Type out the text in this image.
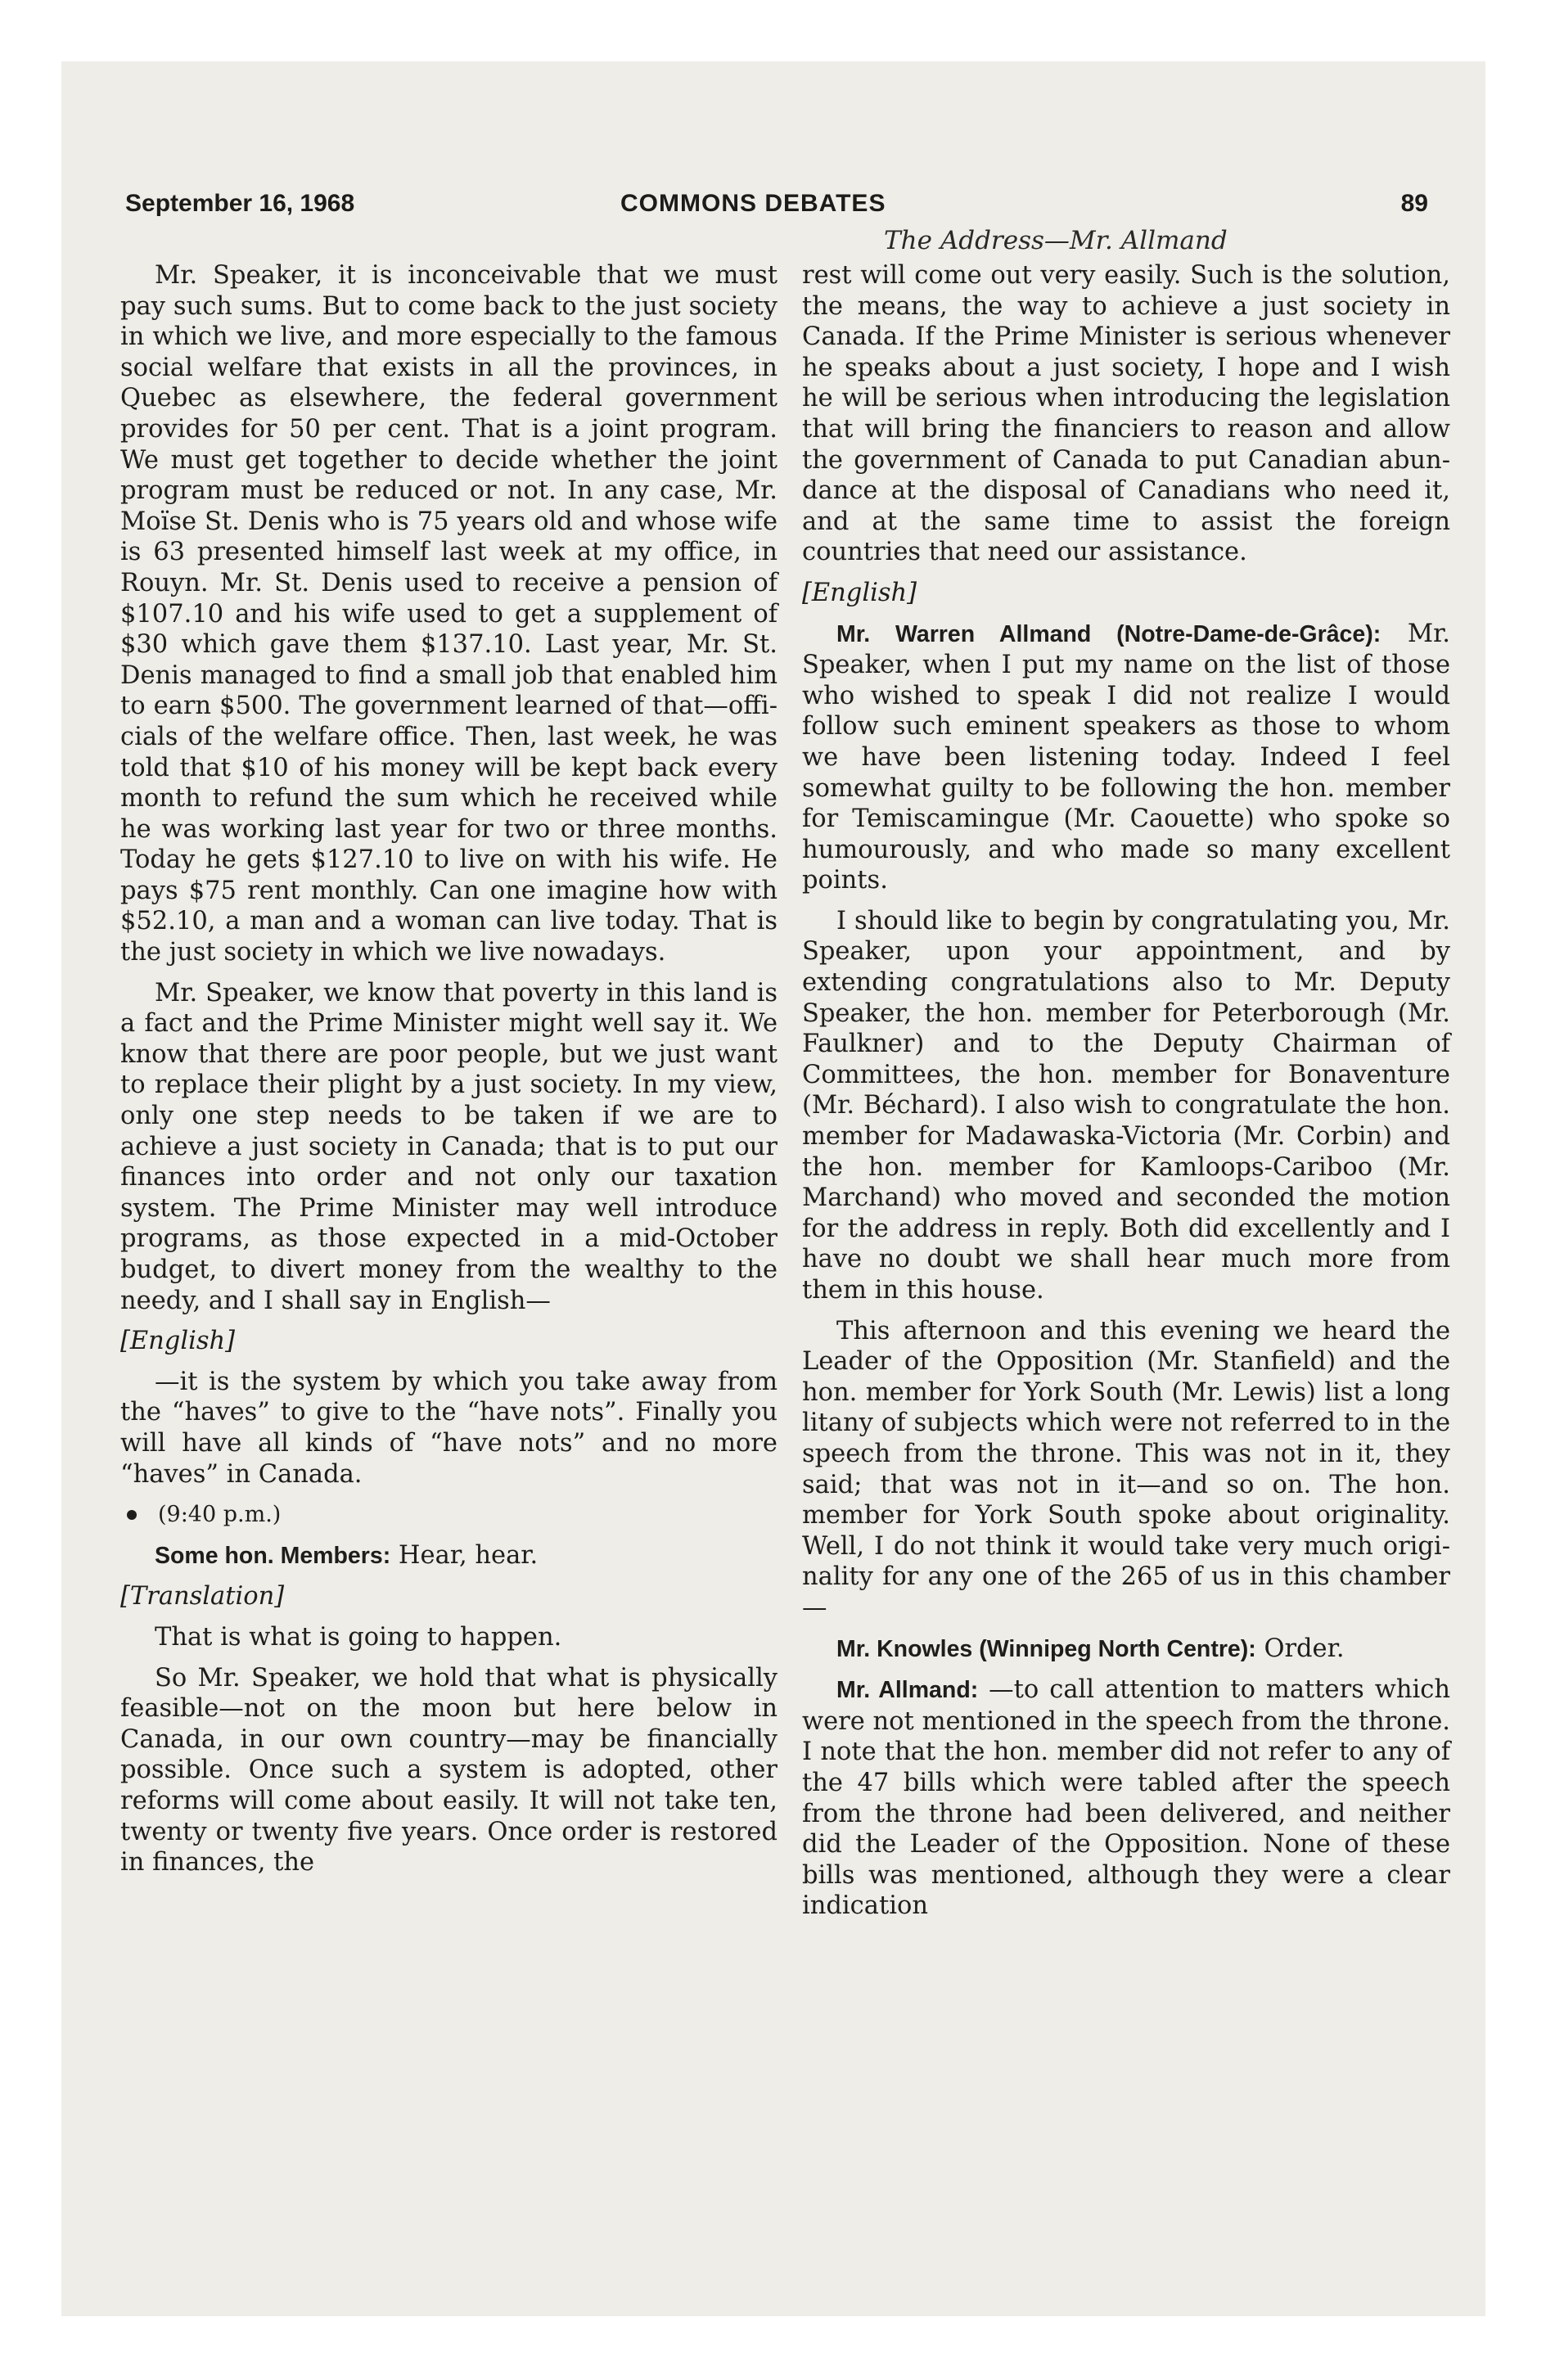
September 16, 1968	COMMONS DEBATES	89
The Address—Mr. Allmand

Mr. Speaker, it is inconceivable that we must pay such sums. But to come back to the just society in which we live, and more especially to the famous social welfare that exists in all the provinces, in Quebec as elsewhere, the federal government provides for 50 per cent. That is a joint program. We must get together to decide whether the joint program must be reduced or not. In any case, Mr. Moïse St. Denis who is 75 years old and whose wife is 63 presented himself last week at my office, in Rouyn. Mr. St. Denis used to receive a pension of $107.10 and his wife used to get a supplement of $30 which gave them $137.10. Last year, Mr. St. Denis managed to find a small job that enabled him to earn $500. The government learned of that—officials of the welfare office. Then, last week, he was told that $10 of his money will be kept back every month to refund the sum which he received while he was working last year for two or three months. Today he gets $127.10 to live on with his wife. He pays $75 rent monthly. Can one imagine how with $52.10, a man and a woman can live today. That is the just society in which we live nowadays.

Mr. Speaker, we know that poverty in this land is a fact and the Prime Minister might well say it. We know that there are poor people, but we just want to replace their plight by a just society. In my view, only one step needs to be taken if we are to achieve a just society in Canada; that is to put our finances into order and not only our taxation system. The Prime Minister may well introduce programs, as those expected in a mid-October budget, to divert money from the wealthy to the needy, and I shall say in English—

[English]

—it is the system by which you take away from the “haves” to give to the “have nots”. Finally you will have all kinds of “have nots” and no more “haves” in Canada.

(9:40 p.m.)

Some hon. Members: Hear, hear.

[Translation]

That is what is going to happen.

So Mr. Speaker, we hold that what is physically feasible—not on the moon but here below in Canada, in our own country—may be financially possible. Once such a system is adopted, other reforms will come about easily. It will not take ten, twenty or twenty five years. Once order is restored in finances, the

rest will come out very easily. Such is the solution, the means, the way to achieve a just society in Canada. If the Prime Minister is serious whenever he speaks about a just society, I hope and I wish he will be serious when introducing the legislation that will bring the financiers to reason and allow the government of Canada to put Canadian abundance at the disposal of Canadians who need it, and at the same time to assist the foreign countries that need our assistance.

[English]

Mr. Warren Allmand (Notre-Dame-de-Grâce): Mr. Speaker, when I put my name on the list of those who wished to speak I did not realize I would follow such eminent speakers as those to whom we have been listening today. Indeed I feel somewhat guilty to be following the hon. member for Temiscamingue (Mr. Caouette) who spoke so humourously, and who made so many excellent points.

I should like to begin by congratulating you, Mr. Speaker, upon your appointment, and by extending congratulations also to Mr. Deputy Speaker, the hon. member for Peterborough (Mr. Faulkner) and to the Deputy Chairman of Committees, the hon. member for Bonaventure (Mr. Béchard). I also wish to congratulate the hon. member for Madawaska-Victoria (Mr. Corbin) and the hon. member for Kamloops-Cariboo (Mr. Marchand) who moved and seconded the motion for the address in reply. Both did excellently and I have no doubt we shall hear much more from them in this house.

This afternoon and this evening we heard the Leader of the Opposition (Mr. Stanfield) and the hon. member for York South (Mr. Lewis) list a long litany of subjects which were not referred to in the speech from the throne. This was not in it, they said; that was not in it—and so on. The hon. member for York South spoke about originality. Well, I do not think it would take very much originality for any one of the 265 of us in this chamber—

Mr. Knowles (Winnipeg North Centre): Order.

Mr. Allmand: —to call attention to matters which were not mentioned in the speech from the throne. I note that the hon. member did not refer to any of the 47 bills which were tabled after the speech from the throne had been delivered, and neither did the Leader of the Opposition. None of these bills was mentioned, although they were a clear indication
